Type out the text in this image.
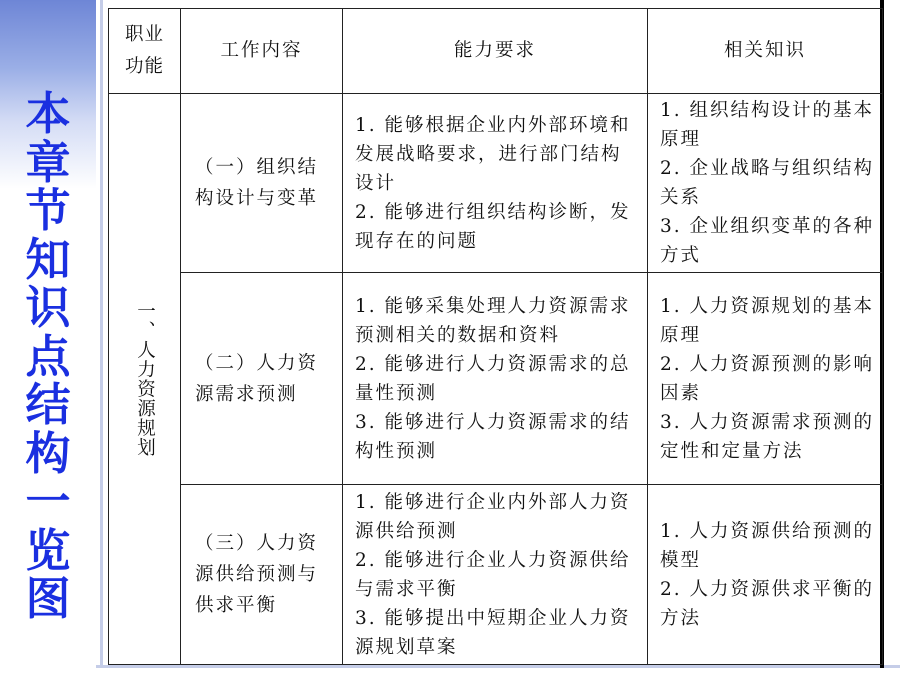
本
章
节
知
识
点
结
构
一
览
图
职业功能	工作内容	能力要求	相关知识

一、人力资源规划	（一）组织结构设计与变革	1. 能够根据企业内外部环境和发展战略要求，进行部门结构设计
2. 能够进行组织结构诊断，发现存在的问题	1. 组织结构设计的基本原理
2. 企业战略与组织结构关系
3. 企业组织变革的各种方式

	（二）人力资源需求预测	1. 能够采集处理人力资源需求预测相关的数据和资料
2. 能够进行人力资源需求的总量性预测
3. 能够进行人力资源需求的结构性预测	1. 人力资源规划的基本原理
2. 人力资源预测的影响因素
3. 人力资源需求预测的定性和定量方法

	（三）人力资源供给预测与供求平衡	1. 能够进行企业内外部人力资源供给预测
2. 能够进行企业人力资源供给与需求平衡
3. 能够提出中短期企业人力资源规划草案	1. 人力资源供给预测的模型
2. 人力资源供求平衡的方法
